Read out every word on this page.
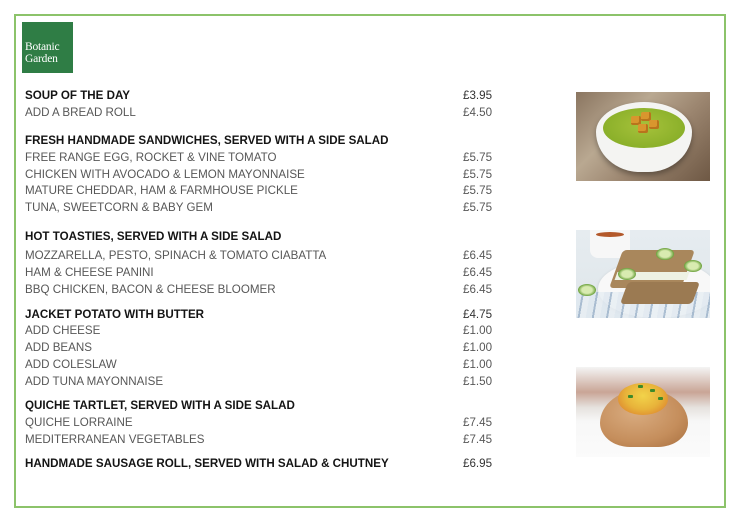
Botanic
Garden
SOUP OF THE DAY	£3.95
ADD A BREAD ROLL	£4.50
FRESH HANDMADE SANDWICHES, SERVED WITH A SIDE SALAD
FREE RANGE EGG, ROCKET & VINE TOMATO	£5.75
CHICKEN WITH AVOCADO & LEMON MAYONNAISE	£5.75
MATURE CHEDDAR, HAM & FARMHOUSE PICKLE	£5.75
TUNA, SWEETCORN & BABY GEM	£5.75
HOT TOASTIES, SERVED WITH A SIDE SALAD
MOZZARELLA, PESTO, SPINACH & TOMATO CIABATTA	£6.45
HAM & CHEESE PANINI	£6.45
BBQ CHICKEN, BACON & CHEESE BLOOMER	£6.45
JACKET POTATO WITH BUTTER	£4.75
ADD CHEESE	£1.00
ADD BEANS	£1.00
ADD COLESLAW	£1.00
ADD TUNA MAYONNAISE	£1.50
QUICHE TARTLET, SERVED WITH A SIDE SALAD
QUICHE LORRAINE	£7.45
MEDITERRANEAN VEGETABLES	£7.45
HANDMADE SAUSAGE ROLL, SERVED WITH SALAD & CHUTNEY	£6.95
